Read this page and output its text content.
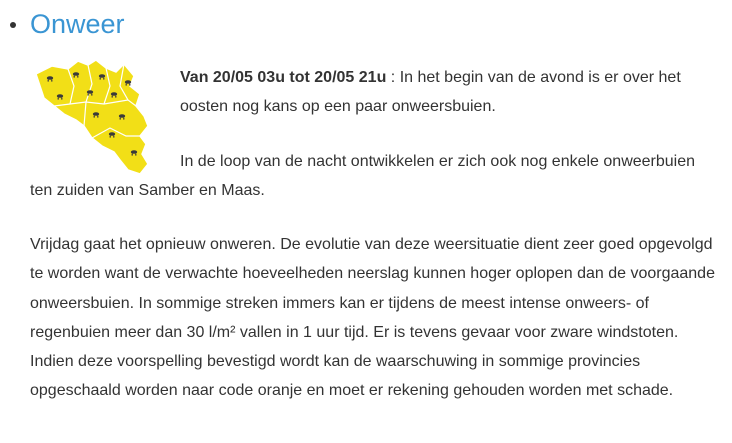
Onweer

Van 20/05 03u tot 20/05 21u : In het begin van de avond is er over het oosten nog kans op een paar onweersbuien.

In de loop van de nacht ontwikkelen er zich ook nog enkele onweerbuien ten zuiden van Samber en Maas.

Vrijdag gaat het opnieuw onweren. De evolutie van deze weersituatie dient zeer goed opgevolgd te worden want de verwachte hoeveelheden neerslag kunnen hoger oplopen dan de voorgaande onweersbuien. In sommige streken immers kan er tijdens de meest intense onweers- of regenbuien meer dan 30 l/m² vallen in 1 uur tijd. Er is tevens gevaar voor zware windstoten. Indien deze voorspelling bevestigd wordt kan de waarschuwing in sommige provincies opgeschaald worden naar code oranje en moet er rekening gehouden worden met schade.
